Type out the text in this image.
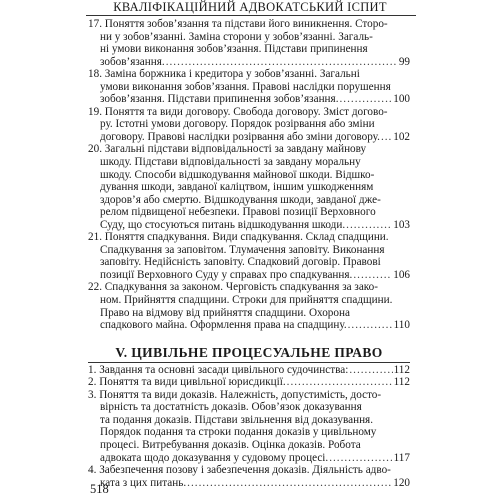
КВАЛІФІКАЦІЙНИЙ АДВОКАТСЬКИЙ ІСПИТ
17. Поняття зобов’язання та підстави його виникнення. Сторо-
ни у зобов’язанні. Заміна сторони у зобов’язанні. Загаль-
ні умови виконання зобов’язання. Підстави припинення
зобов’язання. .....	99
18. Заміна боржника і кредитора у зобов’язанні. Загальні
умови виконання зобов’язання. Правові наслідки порушення
зобов’язання. Підстави припинення зобов’язання. .....	100
19. Поняття та види договору. Свобода договору. Зміст догово-
ру. Істотні умови договору. Порядок розірвання або зміни
договору. Правові наслідки розірвання або зміни договору. ..... 102
20. Загальні підстави відповідальності за завдану майнову
шкоду. Підстави відповідальності за завдану моральну
шкоду. Способи відшкодування майнової шкоди. Відшко-
дування шкоди, завданої каліцтвом, іншим ушкодженням
здоров’я або смертю. Відшкодування шкоди, завданої дже-
релом підвищеної небезпеки. Правові позиції Верховного
Суду, що стосуються питань відшкодування шкоди. .....	103
21. Поняття спадкування. Види спадкування. Склад спадщини.
Спадкування за заповітом. Тлумачення заповіту. Виконання
заповіту. Недійсність заповіту. Спадковий договір. Правові
позиції Верховного Суду у справах про спадкування. .....	106
22. Спадкування за законом. Черговість спадкування за зако-
ном. Прийняття спадщини. Строки для прийняття спадщини.
Право на відмову від прийняття спадщини. Охорона
спадкового майна. Оформлення права на спадщину. .....	110
V. ЦИВІЛЬНЕ ПРОЦЕСУАЛЬНЕ ПРАВО
1. Завдання та основні засади цивільного судочинства: .....	112
2. Поняття та види цивільної юрисдикції. .....	112
3. Поняття та види доказів. Належність, допустимість, досто-
вірність та достатність доказів. Обов’язок доказування
та подання доказів. Підстави звільнення від доказування.
Порядок подання та строки подання доказів у цивільному
процесі. Витребування доказів. Оцінка доказів. Робота
адвоката щодо доказування у судовому процесі. .....	117
4. Забезпечення позову і забезпечення доказів. Діяльність адво-
ката з цих питань. .....	120
518
